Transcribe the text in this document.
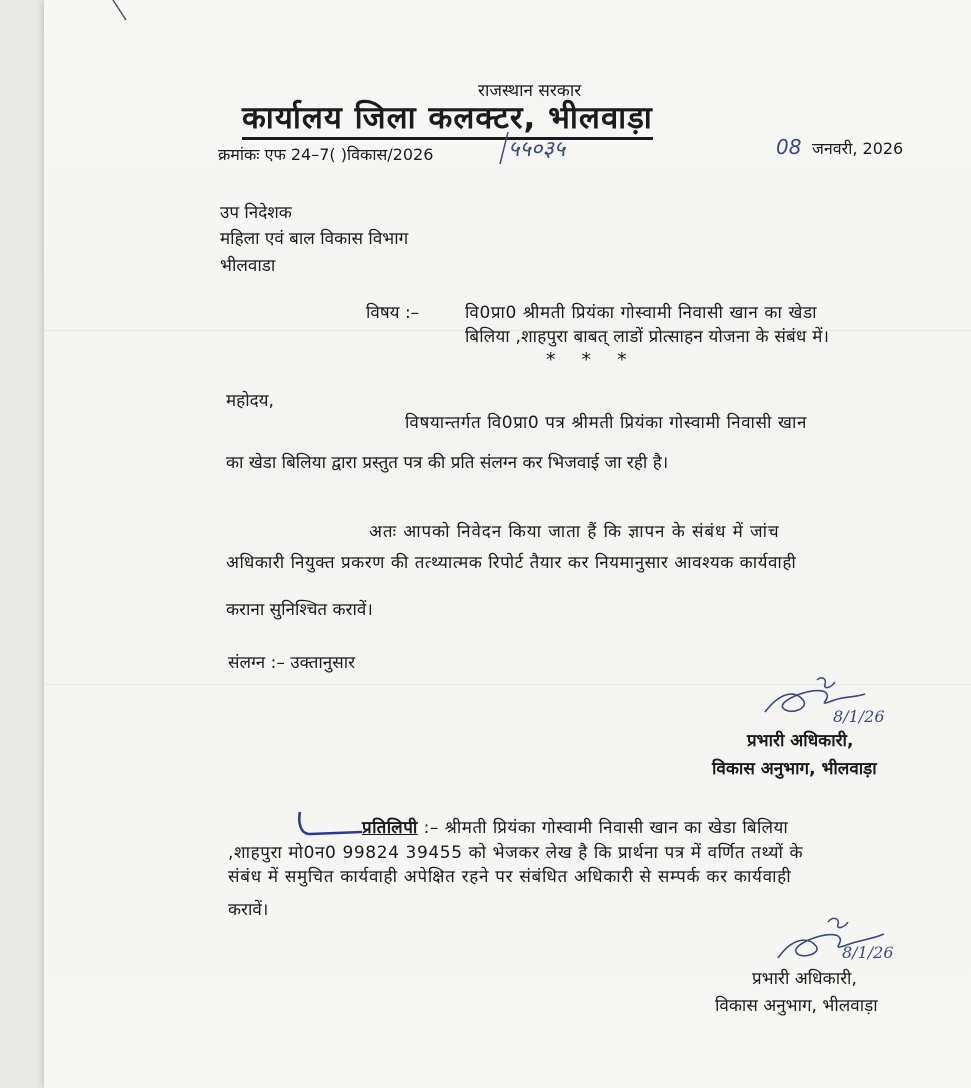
राजस्थान सरकार
कार्यालय जिला कलक्टर, भीलवाड़ा
क्रमांकः एफ 24–7( )विकास/2026	५५०३५	08 जनवरी, 2026
उप निदेशक
महिला एवं बाल विकास विभाग
भीलवाडा
विषय :–	वि0प्रा0 श्रीमती प्रियंका गोस्वामी निवासी खान का खेडा
बिलिया ,शाहपुरा बाबत् लाडों प्रोत्साहन योजना के संबंध में।
* * *
महोदय,
विषयान्तर्गत वि0प्रा0 पत्र श्रीमती प्रियंका गोस्वामी निवासी खान
का खेडा बिलिया द्वारा प्रस्तुत पत्र की प्रति संलग्न कर भिजवाई जा रही है।
अतः आपको निवेदन किया जाता हैं कि ज्ञापन के संबंध में जांच
अधिकारी नियुक्त प्रकरण की तत्थ्यात्मक रिपोर्ट तैयार कर नियमानुसार आवश्यक कार्यवाही
कराना सुनिश्चित करावें।
संलग्न :– उक्तानुसार
8/1/26
प्रभारी अधिकारी,
विकास अनुभाग, भीलवाड़ा
प्रतिलिपी :– श्रीमती प्रियंका गोस्वामी निवासी खान का खेडा बिलिया
,शाहपुरा मो0न0 99824 39455 को भेजकर लेख है कि प्रार्थना पत्र में वर्णित तथ्यों के
संबंध में समुचित कार्यवाही अपेक्षित रहने पर संबंधित अधिकारी से सम्पर्क कर कार्यवाही
करावें।
8/1/26
प्रभारी अधिकारी,
विकास अनुभाग, भीलवाड़ा
